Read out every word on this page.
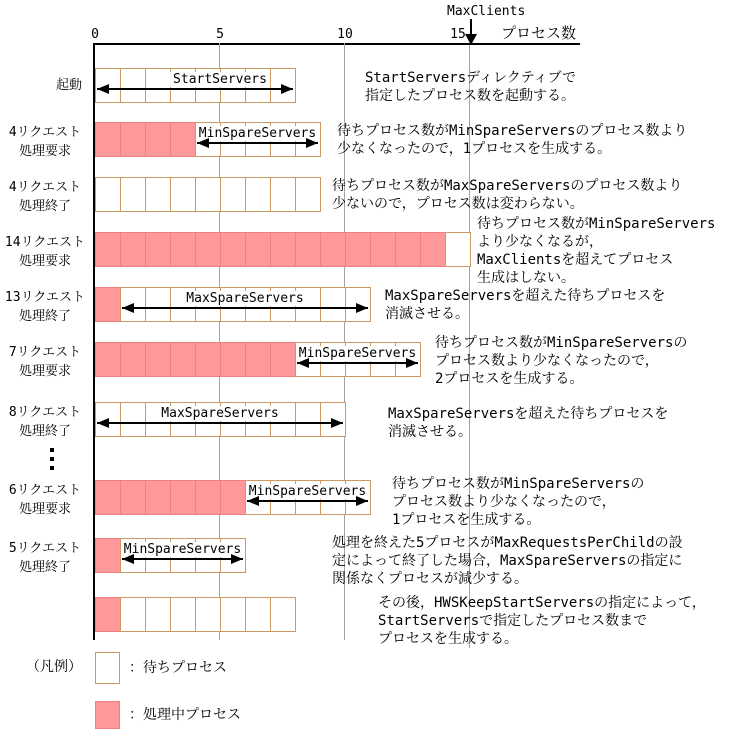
0	5	10	15
MaxClients
プロセス数
起動	StartServers	StartServersディレクティブで
指定したプロセス数を起動する。
4リクエスト
処理要求
MinSpareServers 待ちプロセス数がMinSpareServersのプロセス数より
少なくなったので，1プロセスを生成する。
4リクエスト
処理終了
待ちプロセス数がMaxSpareServersのプロセス数より
少ないので，プロセス数は変わらない。
14リクエスト
処理要求
待ちプロセス数がMinSpareServers
より少なくなるが，
MaxClientsを超えてプロセス
生成はしない。
13リクエスト
処理終了
MaxSpareServers	MaxSpareServersを超えた待ちプロセスを
消滅させる。
7リクエスト
処理要求
MinSpareServers
待ちプロセス数がMinSpareServersの
プロセス数より少なくなったので，
2プロセスを生成する。
8リクエスト
処理終了
MaxSpareServers	MaxSpareServersを超えた待ちプロセスを
消滅させる。
6リクエスト
処理要求
MinSpareServers 待ちプロセス数がMinSpareServersの
プロセス数より少なくなったので，
1プロセスを生成する。
5リクエスト
処理終了
MinSpareServers	処理を終えた5プロセスがMaxRequestsPerChildの設
定によって終了した場合，MaxSpareServersの指定に
関係なくプロセスが減少する。
その後，HWSKeepStartServersの指定によって，
StartServersで指定したプロセス数まで
プロセスを生成する。
（凡例）	：待ちプロセス
：処理中プロセス
